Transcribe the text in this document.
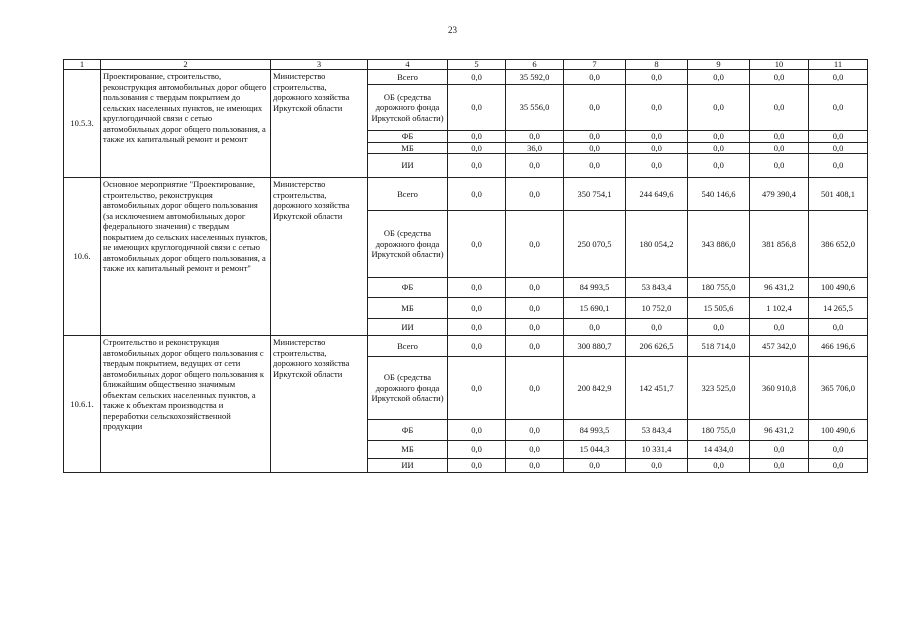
23
1	2	3	4	5	6	7	8	9	10	11
10.5.3.	Проектирование, строительство, реконструкция автомобильных дорог общего пользования с твердым покрытием до сельских населенных пунктов, не имеющих круглогодичной связи с сетью автомобильных дорог общего пользования, а также их капитальный ремонт и ремонт	Министерство строительства, дорожного хозяйства Иркутской области	Всего	0,0	35 592,0	0,0	0,0	0,0	0,0	0,0
			ОБ (средства дорожного фонда Иркутской области)	0,0	35 556,0	0,0	0,0	0,0	0,0	0,0
			ФБ	0,0	0,0	0,0	0,0	0,0	0,0	0,0
			МБ	0,0	36,0	0,0	0,0	0,0	0,0	0,0
			ИИ	0,0	0,0	0,0	0,0	0,0	0,0	0,0
10.6.	Основное мероприятие "Проектирование, строительство, реконструкция автомобильных дорог общего пользования (за исключением автомобильных дорог федерального значения) с твердым покрытием до сельских населенных пунктов, не имеющих круглогодичной связи с сетью автомобильных дорог общего пользования, а также их капитальный ремонт и ремонт"	Министерство строительства, дорожного хозяйства Иркутской области	Всего	0,0	0,0	350 754,1	244 649,6	540 146,6	479 390,4	501 408,1
			ОБ (средства дорожного фонда Иркутской области)	0,0	0,0	250 070,5	180 054,2	343 886,0	381 856,8	386 652,0
			ФБ	0,0	0,0	84 993,5	53 843,4	180 755,0	96 431,2	100 490,6
			МБ	0,0	0,0	15 690,1	10 752,0	15 505,6	1 102,4	14 265,5
			ИИ	0,0	0,0	0,0	0,0	0,0	0,0	0,0
10.6.1.	Строительство и реконструкция автомобильных дорог общего пользования с твердым покрытием, ведущих от сети автомобильных дорог общего пользования к ближайшим общественно значимым объектам сельских населенных пунктов, а также к объектам производства и переработки сельскохозяйственной продукции	Министерство строительства, дорожного хозяйства Иркутской области	Всего	0,0	0,0	300 880,7	206 626,5	518 714,0	457 342,0	466 196,6
			ОБ (средства дорожного фонда Иркутской области)	0,0	0,0	200 842,9	142 451,7	323 525,0	360 910,8	365 706,0
			ФБ	0,0	0,0	84 993,5	53 843,4	180 755,0	96 431,2	100 490,6
			МБ	0,0	0,0	15 044,3	10 331,4	14 434,0	0,0	0,0
			ИИ	0,0	0,0	0,0	0,0	0,0	0,0	0,0
